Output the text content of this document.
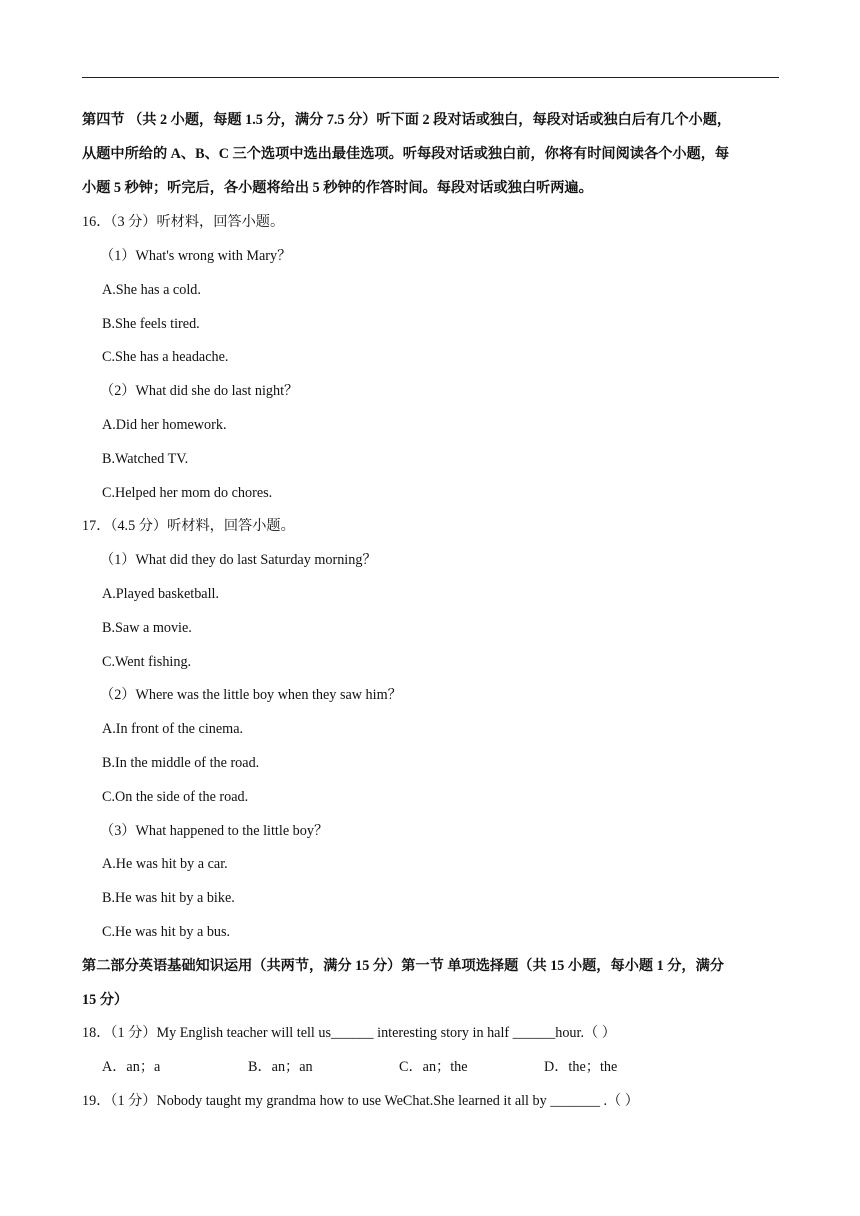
第四节 （共 2 小题，每题 1.5 分，满分 7.5 分）听下面 2 段对话或独白，每段对话或独白后有几个小题，
从题中所给的 A、B、C 三个选项中选出最佳选项。听每段对话或独白前，你将有时间阅读各个小题，每
小题 5 秒钟；听完后，各小题将给出 5 秒钟的作答时间。每段对话或独白听两遍。
16．（3 分）听材料，回答小题。
（1）What's wrong with Mary？
A.She has a cold.
B.She feels tired.
C.She has a headache.
（2）What did she do last night？
A.Did her homework.
B.Watched TV.
C.Helped her mom do chores.
17．（4.5 分）听材料，回答小题。
（1）What did they do last Saturday morning？
A.Played basketball.
B.Saw a movie.
C.Went fishing.
（2）Where was the little boy when they saw him？
A.In front of the cinema.
B.In the middle of the road.
C.On the side of the road.
（3）What happened to the little boy？
A.He was hit by a car.
B.He was hit by a bike.
C.He was hit by a bus.
第二部分英语基础知识运用（共两节，满分 15 分）第一节 单项选择题（共 15 小题，每小题 1 分，满分
15 分）
18．（1 分）My English teacher will tell us______ interesting story in half ______hour.（ ）
A．an；a	B．an；an	C．an；the	D．the；the
19．（1 分）Nobody taught my grandma how to use WeChat.She learned it all by _______ .（ ）
